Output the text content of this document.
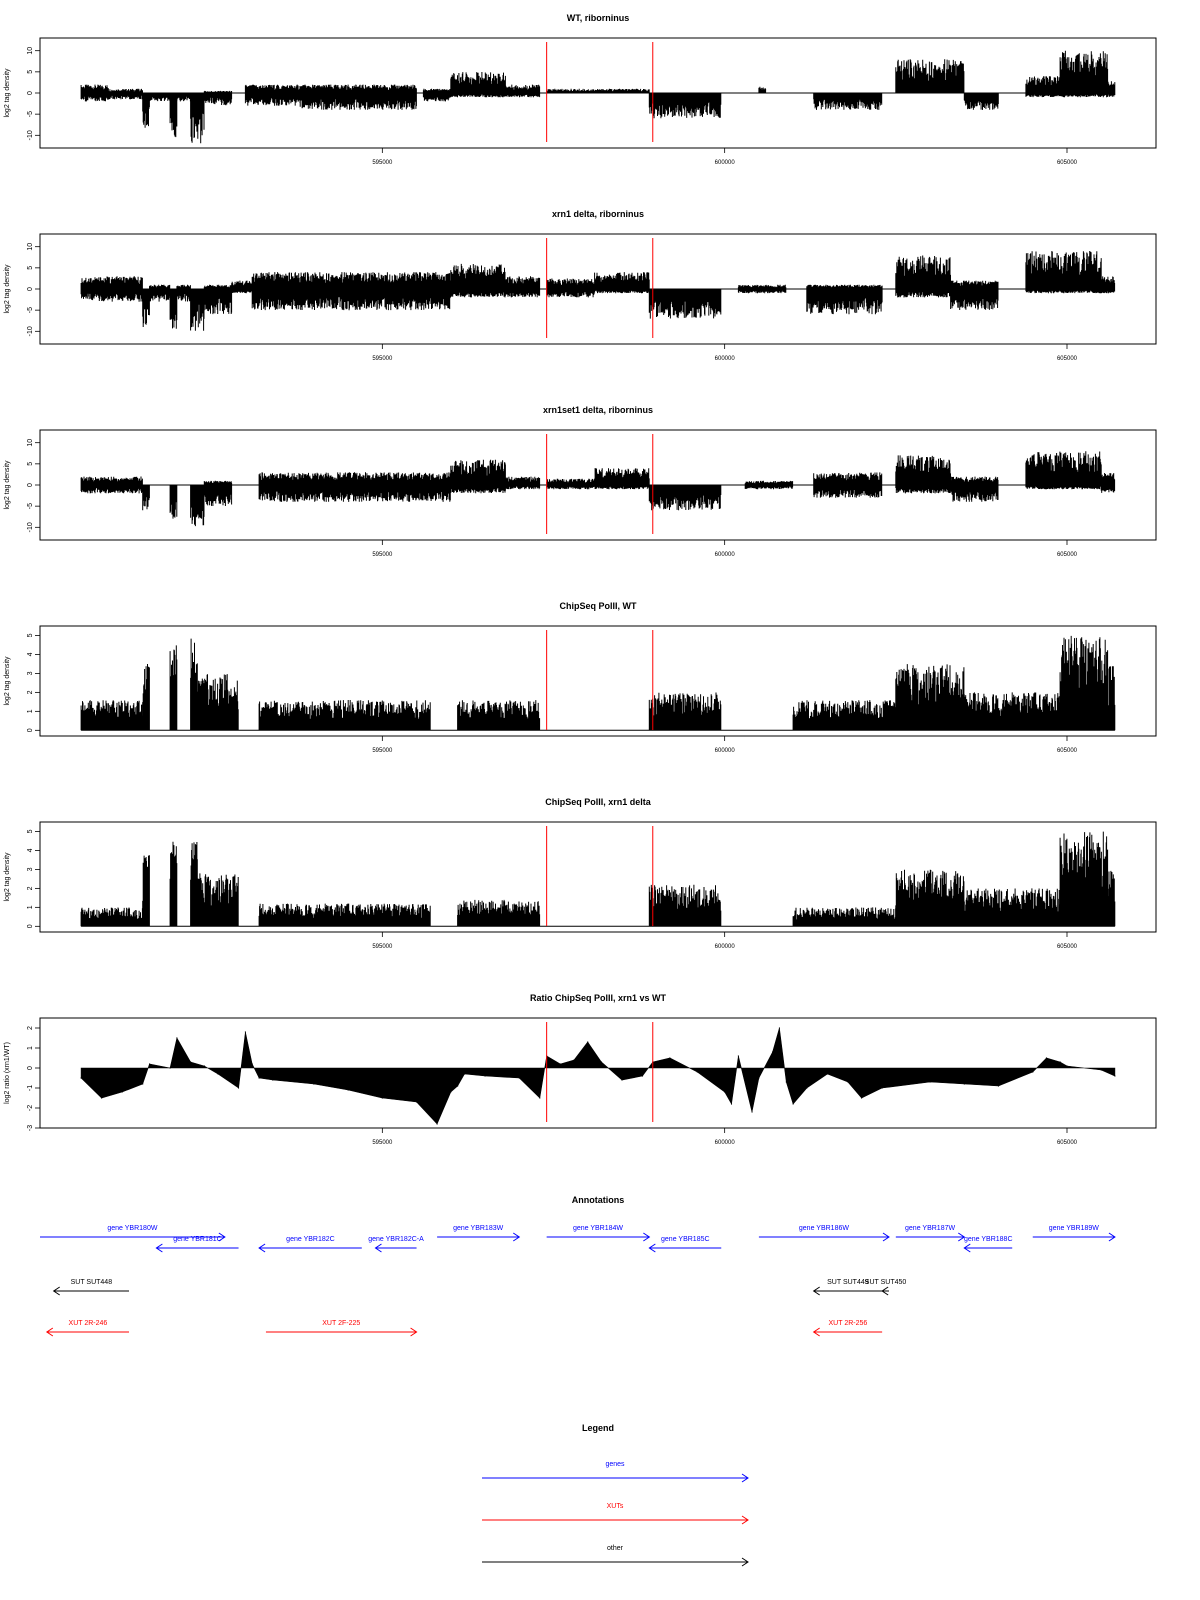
WT, riborninus
log2 tag density
-10
-5
0
5
10
595000	600000	605000
xrn1 delta, riborninus
log2 tag density
-10
-5
0
5
10
595000	600000	605000
xrn1set1 delta, riborninus
log2 tag density
-10
-5
0
5
10
595000	600000	605000
ChipSeq PolII, WT
log2 tag density
0
1
2
3
4
5
595000	600000	605000
ChipSeq PolII, xrn1 delta
log2 tag density
0
1
2
3
4
5
595000	600000	605000
Ratio ChipSeq PolII, xrn1 vs WT
log2 ratio (xrn1/WT)
-3
-2
-1
0
1
2
595000	600000	605000
Annotations
gene YBR180W
gene YBR181C	gene YBR182C	gene YBR182C-A
gene YBR183W	gene YBR184W
gene YBR185C
gene YBR186W	gene YBR187W
gene YBR188C
gene YBR189W
SUT SUT448	SUT SUT449
SUT SUT450
XUT 2R-246	XUT 2F-225	XUT 2R-256
Legend
genes
XUTs
other
